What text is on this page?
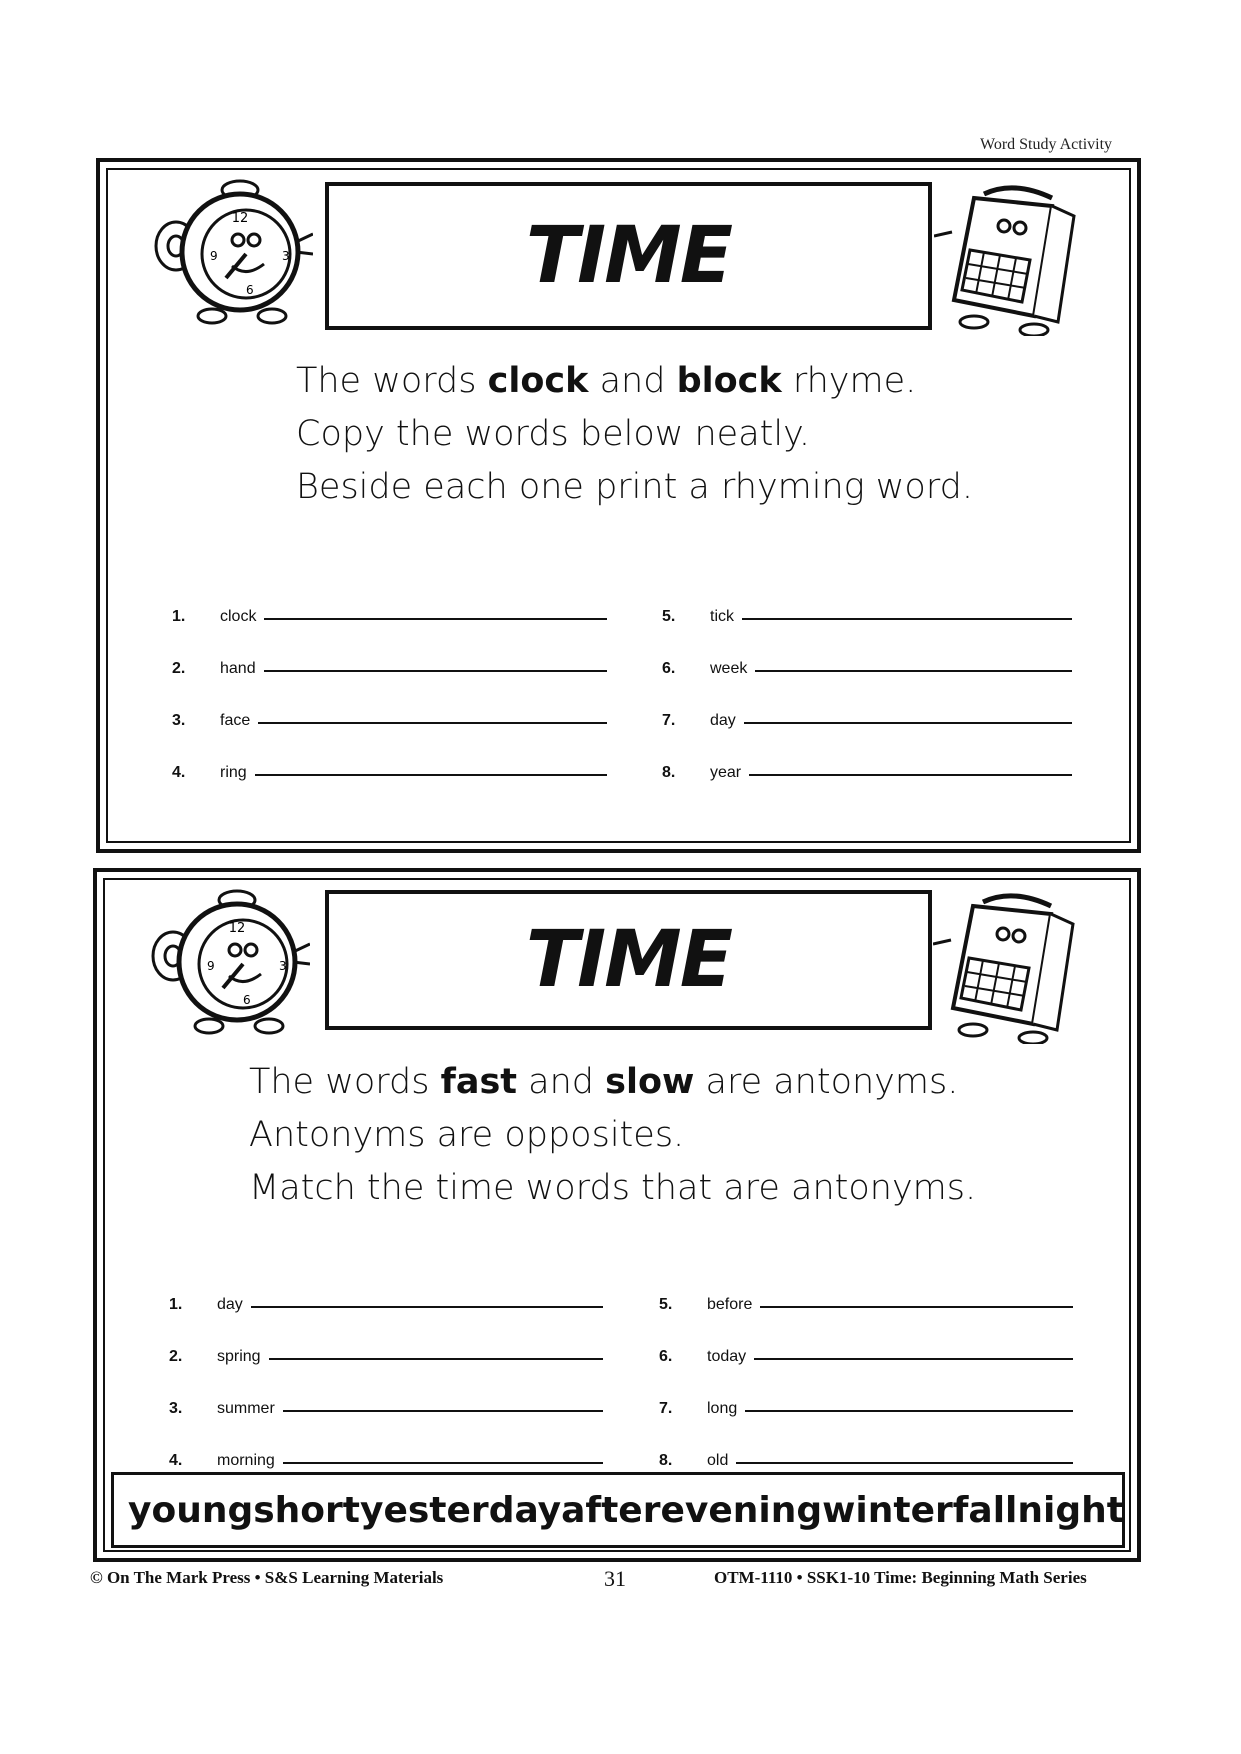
Word Study Activity
12
9	3
6	TIME

The words clock and block rhyme.

Copy the words below neatly.

Beside each one print a rhyming word.

1.	clock
2.	hand
3.	face
4.	ring
5.	tick
6.	week
7.	day
8.	year
12
9	3
6	TIME

The words fast and slow are antonyms.

Antonyms are opposites.

Match the time words that are antonyms.

1.	day
2.	spring
3.	summer
4.	morning
5.	before
6.	today
7.	long
8.	old
young short yesterday after evening winter fall night
© On The Mark Press • S&S Learning Materials	31	OTM-1110 • SSK1-10 Time: Beginning Math Series
